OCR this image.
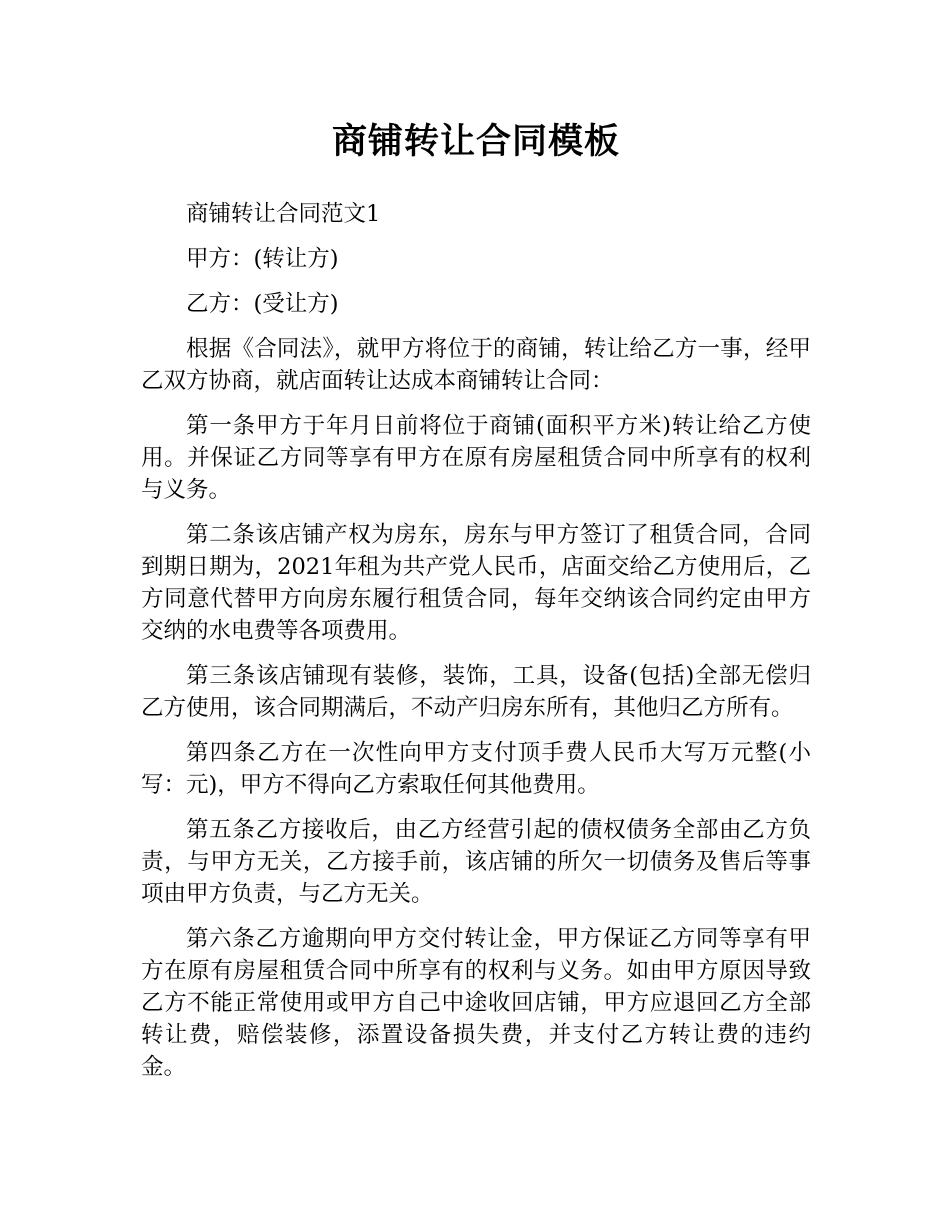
商铺转让合同模板

商铺转让合同范文1

甲方：(转让方)

乙方：(受让方)

根据《合同法》，就甲方将位于的商铺，转让给乙方一事，经甲乙双方协商，就店面转让达成本商铺转让合同：

第一条甲方于年月日前将位于商铺(面积平方米)转让给乙方使用。并保证乙方同等享有甲方在原有房屋租赁合同中所享有的权利与义务。

第二条该店铺产权为房东，房东与甲方签订了租赁合同，合同到期日期为，2021年租为共产党人民币，店面交给乙方使用后，乙方同意代替甲方向房东履行租赁合同，每年交纳该合同约定由甲方交纳的水电费等各项费用。

第三条该店铺现有装修，装饰，工具，设备(包括)全部无偿归乙方使用，该合同期满后，不动产归房东所有，其他归乙方所有。

第四条乙方在一次性向甲方支付顶手费人民币大写万元整(小写：元)，甲方不得向乙方索取任何其他费用。

第五条乙方接收后，由乙方经营引起的债权债务全部由乙方负责，与甲方无关，乙方接手前，该店铺的所欠一切债务及售后等事项由甲方负责，与乙方无关。

第六条乙方逾期向甲方交付转让金，甲方保证乙方同等享有甲方在原有房屋租赁合同中所享有的权利与义务。如由甲方原因导致乙方不能正常使用或甲方自己中途收回店铺，甲方应退回乙方全部转让费，赔偿装修，添置设备损失费，并支付乙方转让费的违约金。
